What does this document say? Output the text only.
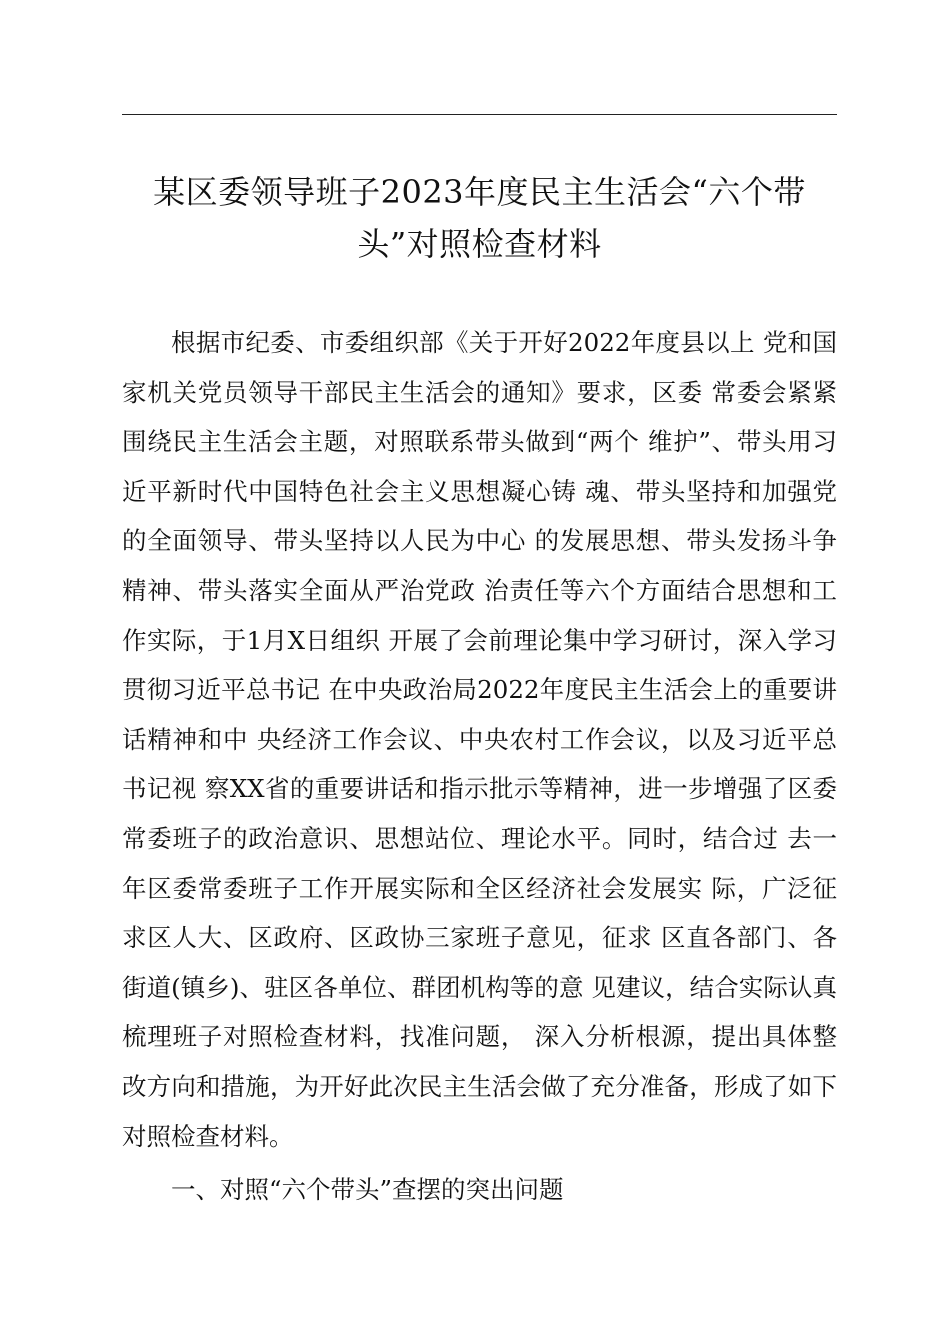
某区委领导班子2023年度民主生活会“六个带头”对照检查材料

根据市纪委、市委组织部《关于开好2022年度县以上 党和国家机关党员领导干部民主生活会的通知》要求，区委 常委会紧紧围绕民主生活会主题，对照联系带头做到“两个 维护”、带头用习近平新时代中国特色社会主义思想凝心铸 魂、带头坚持和加强党的全面领导、带头坚持以人民为中心 的发展思想、带头发扬斗争精神、带头落实全面从严治党政 治责任等六个方面结合思想和工作实际，于1月X日组织 开展了会前理论集中学习研讨，深入学习贯彻习近平总书记 在中央政治局2022年度民主生活会上的重要讲话精神和中 央经济工作会议、中央农村工作会议，以及习近平总书记视 察XX省的重要讲话和指示批示等精神，进一步增强了区委 常委班子的政治意识、思想站位、理论水平。同时，结合过 去一年区委常委班子工作开展实际和全区经济社会发展实 际，广泛征求区人大、区政府、区政协三家班子意见，征求 区直各部门、各街道(镇乡)、驻区各单位、群团机构等的意 见建议，结合实际认真梳理班子对照检查材料，找准问题， 深入分析根源，提出具体整改方向和措施，为开好此次民主生活会做了充分准备，形成了如下对照检查材料。

一、对照“六个带头”查摆的突出问题
